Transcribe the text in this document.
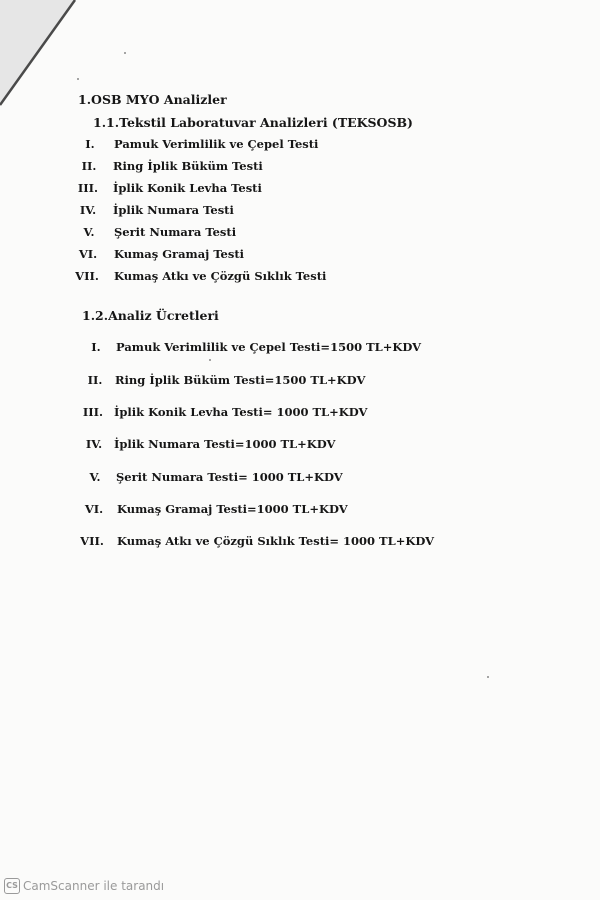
1.OSB MYO Analizler
1.1.Tekstil Laboratuvar Analizleri (TEKSOSB)
I.	Pamuk Verimlilik ve Çepel Testi
II.	Ring İplik Büküm Testi
III.	İplik Konik Levha Testi
IV.	İplik Numara Testi
V.	Şerit Numara Testi
VI.	Kumaş Gramaj Testi
VII.	Kumaş Atkı ve Çözgü Sıklık Testi
1.2.Analiz Ücretleri
I.	Pamuk Verimlilik ve Çepel Testi=1500 TL+KDV
II.	Ring İplik Büküm Testi=1500 TL+KDV
III. İplik Konik Levha Testi= 1000 TL+KDV
IV.	İplik Numara Testi=1000 TL+KDV
V.	Şerit Numara Testi= 1000 TL+KDV
VI.	Kumaş Gramaj Testi=1000 TL+KDV
VII.	Kumaş Atkı ve Çözgü Sıklık Testi= 1000 TL+KDV
CS CamScanner ile tarandı
